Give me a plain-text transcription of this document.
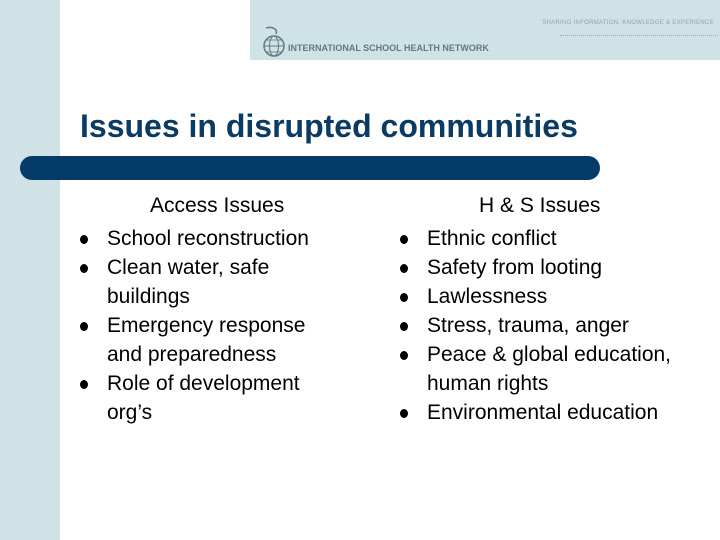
SHARING INFORMATION, KNOWLEDGE & EXPERIENCE
INTERNATIONAL SCHOOL HEALTH NETWORK
Issues in disrupted communities
Access Issues	H & S Issues
School reconstruction
Clean water, safe buildings
Emergency response and preparedness
Role of development org’s
Ethnic conflict
Safety from looting
Lawlessness
Stress, trauma, anger
Peace & global education, human rights
Environmental education
